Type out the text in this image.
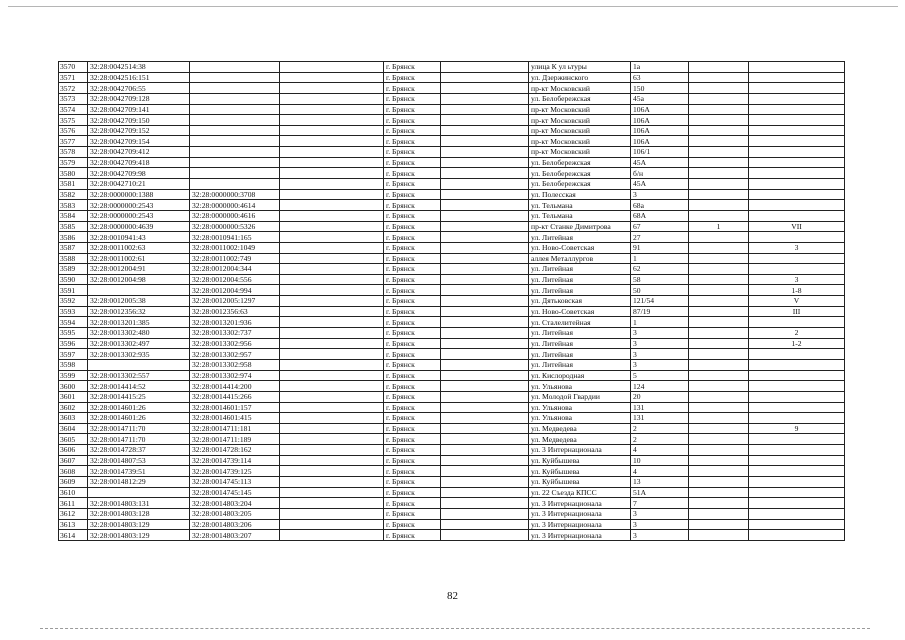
3570	32:28:0042514:38			г. Брянск		улица К ул ьтуры	1а		
3571	32:28:0042516:151			г. Брянск		ул. Дзержинского	63		
3572	32:28:0042706:55			г. Брянск		пр-кт Московский	150		
3573	32:28:0042709:128			г. Брянск		ул. Белобережская	45а		
3574	32:28:0042709:141			г. Брянск		пр-кт Московский	106А		
3575	32:28:0042709:150			г. Брянск		пр-кт Московский	106А		
3576	32:28:0042709:152			г. Брянск		пр-кт Московский	106А		
3577	32:28:0042709:154			г. Брянск		пр-кт Московский	106А		
3578	32:28:0042709:412			г. Брянск		пр-кт Московский	106/1		
3579	32:28:0042709:418			г. Брянск		ул. Белобережская	45А		
3580	32:28:0042709:98			г. Брянск		ул. Белобережская	б/н		
3581	32:28:0042710:21			г. Брянск		ул. Белобережская	45А		
3582	32:28:0000000:1388	32:28:0000000:3708		г. Брянск		ул. Полесская	3		
3583	32:28:0000000:2543	32:28:0000000:4614		г. Брянск		ул. Тельмана	68а		
3584	32:28:0000000:2543	32:28:0000000:4616		г. Брянск		ул. Тельмана	68А		
3585	32:28:0000000:4639	32:28:0000000:5326		г. Брянск		пр-кт Станке Димитрова	67	1	VII
3586	32:28:0010941:43	32:28:0010941:165		г. Брянск		ул. Литейная	27		
3587	32:28:0011002:63	32:28:0011002:1049		г. Брянск		ул. Ново-Советская	91		3
3588	32:28:0011002:61	32:28:0011002:749		г. Брянск		аллея Металлургов	1		
3589	32:28:0012004:91	32:28:0012004:344		г. Брянск		ул. Литейная	62		
3590	32:28:0012004:98	32:28:0012004:556		г. Брянск		ул. Литейная	58		3
3591		32:28:0012004:994		г. Брянск		ул. Литейная	50		1-8
3592	32:28:0012005:38	32:28:0012005:1297		г. Брянск		ул. Дятьковская	121/54		V
3593	32:28:0012356:32	32:28:0012356:63		г. Брянск		ул. Ново-Советская	87/19		III
3594	32:28:0013201:385	32:28:0013201:936		г. Брянск		ул. Сталелитейная	1		
3595	32:28:0013302:480	32:28:0013302:737		г. Брянск		ул. Литейная	3		2
3596	32:28:0013302:497	32:28:0013302:956		г. Брянск		ул. Литейная	3		1-2
3597	32:28:0013302:935	32:28:0013302:957		г. Брянск		ул. Литейная	3		
3598		32:28:0013302:958		г. Брянск		ул. Литейная	3		
3599	32:28:0013302:557	32:28:0013302:974		г. Брянск		ул. Кислородная	5		
3600	32:28:0014414:52	32:28:0014414:200		г. Брянск		ул. Ульянова	124		
3601	32:28:0014415:25	32:28:0014415:266		г. Брянск		ул. Молодой Гвардии	20		
3602	32:28:0014601:26	32:28:0014601:157		г. Брянск		ул. Ульянова	131		
3603	32:28:0014601:26	32:28:0014601:415		г. Брянск		ул. Ульянова	131		
3604	32:28:0014711:70	32:28:0014711:181		г. Брянск		ул. Медведева	2		9
3605	32:28:0014711:70	32:28:0014711:189		г. Брянск		ул. Медведева	2		
3606	32:28:0014728:37	32:28:0014728:162		г. Брянск		ул. 3 Интернационала	4		
3607	32:28:0014807:53	32:28:0014739:114		г. Брянск		ул. Куйбышева	10		
3608	32:28:0014739:51	32:28:0014739:125		г. Брянск		ул. Куйбышева	4		
3609	32:28:0014812:29	32:28:0014745:113		г. Брянск		ул. Куйбышева	13		
3610		32:28:0014745:145		г. Брянск		ул. 22 Съезда КПСС	51А		
3611	32:28:0014803:131	32:28:0014803:204		г. Брянск		ул. 3 Интернационала	7		
3612	32:28:0014803:128	32:28:0014803:205		г. Брянск		ул. 3 Интернационала	3		
3613	32:28:0014803:129	32:28:0014803:206		г. Брянск		ул. 3 Интернационала	3		
3614	32:28:0014803:129	32:28:0014803:207		г. Брянск		ул. 3 Интернационала	3		
82
